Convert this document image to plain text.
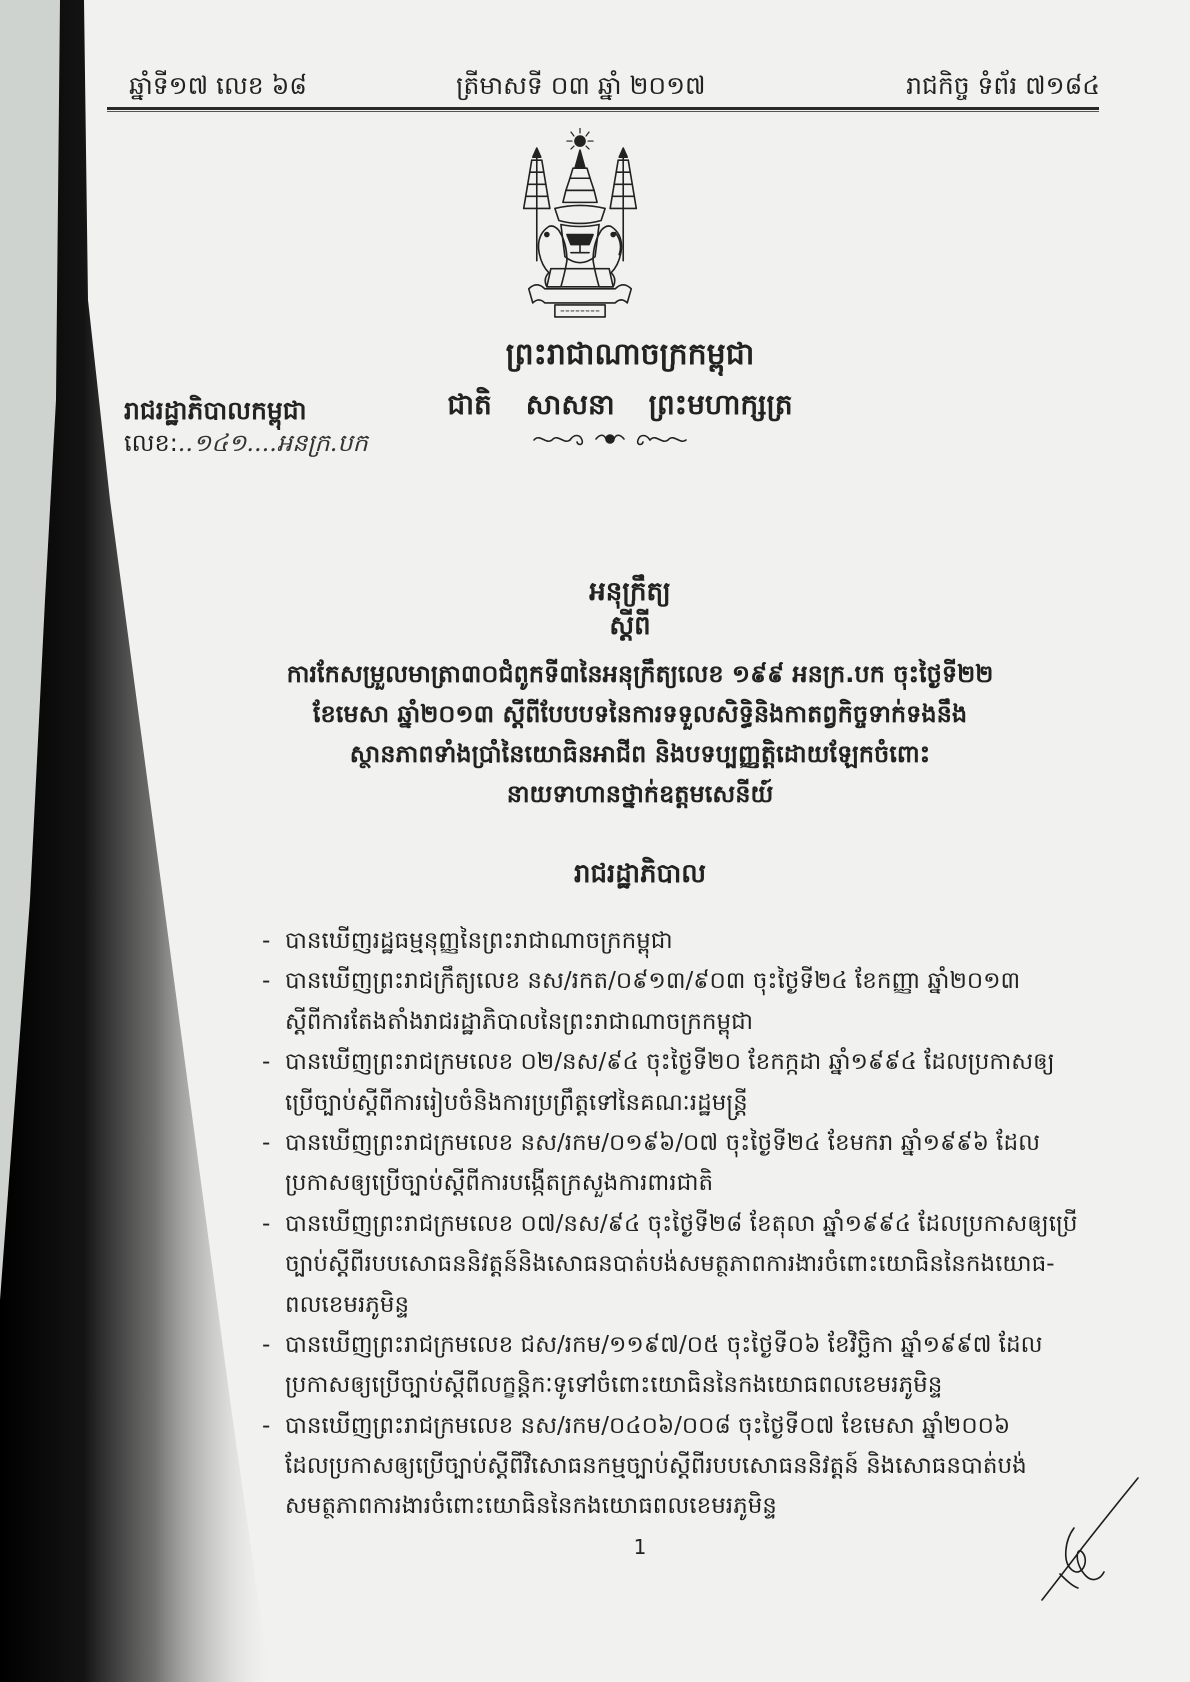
ឆ្នាំទី១៧ លេខ ៦៨	ត្រីមាសទី ០៣ ឆ្នាំ ២០១៧	រាជកិច្ច ទំព័រ ៧១៨៤
ព្រះរាជាណាចក្រកម្ពុជា
ជាតិ សាសនា ព្រះមហាក្សត្រ
រាជរដ្ឋាភិបាលកម្ពុជា
លេខ:..១៤១....អនក្រ.បក
អនុក្រឹត្យ
ស្តីពី
ការកែសម្រួលមាត្រា៣០ជំពូកទី៣នៃអនុក្រឹត្យលេខ ១៩៩ អនក្រ.បក ចុះថ្ងៃទី២២
ខែមេសា ឆ្នាំ២០១៣ ស្តីពីបែបបទនៃការទទួលសិទ្ធិនិងកាតព្វកិច្ចទាក់ទងនឹង
ស្ថានភាពទាំងប្រាំនៃយោធិនអាជីព និងបទប្បញ្ញត្តិដោយឡែកចំពោះ
នាយទាហានថ្នាក់ឧត្តមសេនីយ៍
រាជរដ្ឋាភិបាល
- បានឃើញរដ្ឋធម្មនុញ្ញនៃព្រះរាជាណាចក្រកម្ពុជា
- បានឃើញព្រះរាជក្រឹត្យលេខ នស/រកត/០៩១៣/៩០៣ ចុះថ្ងៃទី២៤ ខែកញ្ញា ឆ្នាំ២០១៣
ស្តីពីការតែងតាំងរាជរដ្ឋាភិបាលនៃព្រះរាជាណាចក្រកម្ពុជា
- បានឃើញព្រះរាជក្រមលេខ ០២/នស/៩៤ ចុះថ្ងៃទី២០ ខែកក្កដា ឆ្នាំ១៩៩៤ ដែលប្រកាសឲ្យ
ប្រើច្បាប់ស្តីពីការរៀបចំនិងការប្រព្រឹត្តទៅនៃគណៈរដ្ឋមន្ត្រី
- បានឃើញព្រះរាជក្រមលេខ នស/រកម/០១៩៦/០៧ ចុះថ្ងៃទី២៤ ខែមករា ឆ្នាំ១៩៩៦ ដែល
ប្រកាសឲ្យប្រើច្បាប់ស្តីពីការបង្កើតក្រសួងការពារជាតិ
- បានឃើញព្រះរាជក្រមលេខ ០៧/នស/៩៤ ចុះថ្ងៃទី២៨ ខែតុលា ឆ្នាំ១៩៩៤ ដែលប្រកាសឲ្យប្រើ
ច្បាប់ស្តីពីរបបសោធននិវត្តន៍និងសោធនបាត់បង់សមត្ថភាពការងារចំពោះយោធិននៃកងយោធ-
ពលខេមរភូមិន្ទ
- បានឃើញព្រះរាជក្រមលេខ ជស/រកម/១១៩៧/០៥ ចុះថ្ងៃទី០៦ ខែវិច្ឆិកា ឆ្នាំ១៩៩៧ ដែល
ប្រកាសឲ្យប្រើច្បាប់ស្តីពីលក្ខន្តិកៈទូទៅចំពោះយោធិននៃកងយោធពលខេមរភូមិន្ទ
- បានឃើញព្រះរាជក្រមលេខ នស/រកម/០៤០៦/០០៨ ចុះថ្ងៃទី០៧ ខែមេសា ឆ្នាំ២០០៦
ដែលប្រកាសឲ្យប្រើច្បាប់ស្តីពីវិសោធនកម្មច្បាប់ស្តីពីរបបសោធននិវត្តន៍ និងសោធនបាត់បង់
សមត្ថភាពការងារចំពោះយោធិននៃកងយោធពលខេមរភូមិន្ទ
1
